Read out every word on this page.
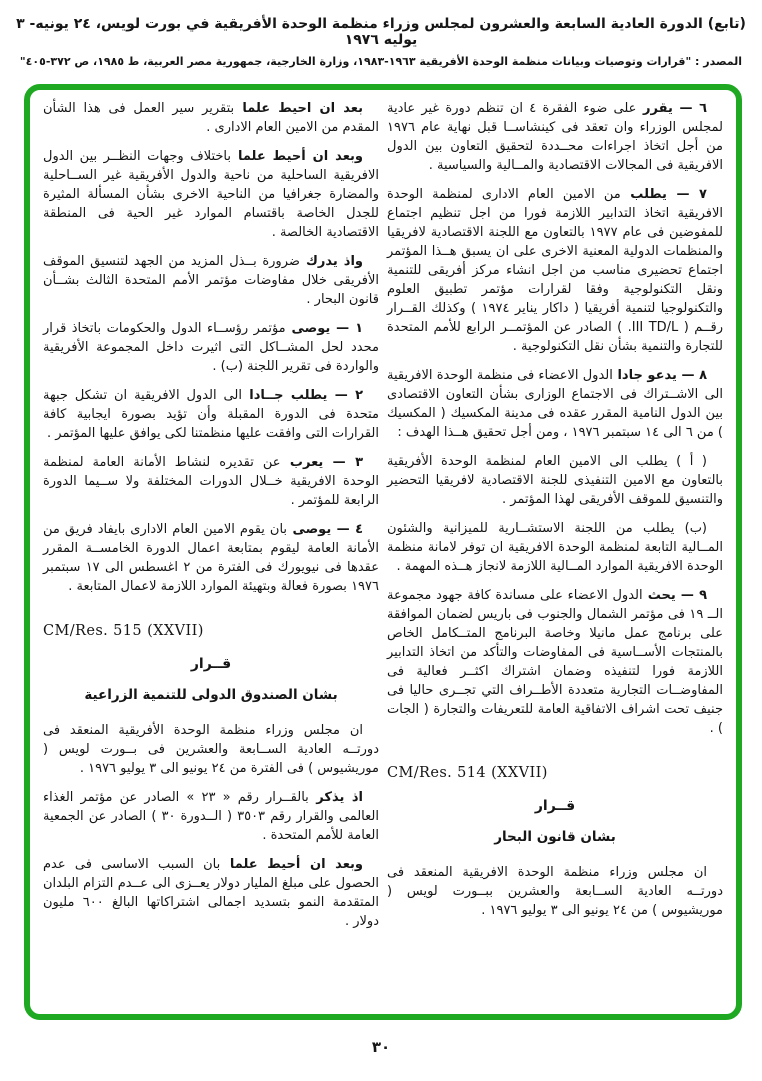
(تابع) الدورة العادية السابعة والعشرون لمجلس وزراء منظمة الوحدة الأفريقية في بورت لويس، ٢٤ يونيه- ٣ يوليه ١٩٧٦
المصدر : "قرارات وتوصيات وبيانات منظمة الوحدة الأفريقية ١٩٦٣-١٩٨٣، وزارة الخارجية، جمهورية مصر العربية، ط ١٩٨٥، ص ٣٧٢-٤٠٥"
٦ — يقرر على ضوء الفقرة ٤ ان تنظم دورة غير عادية لمجلس الوزراء وان تعقد فى كينشاســا قبل نهاية عام ١٩٧٦ من أجل اتخاذ اجراءات محــددة لتحقيق التعاون بين الدول الافريقية فى المجالات الاقتصادية والمــالية والسياسية .
٧ — يطلب من الامين العام الادارى لمنظمة الوحدة الافريقية اتخاذ التدابير اللازمة فورا من اجل تنظيم اجتماع للمفوضين فى عام ١٩٧٧ بالتعاون مع اللجنة الاقتصادية لافريقيا والمنظمات الدولية المعنية الاخرى على ان يسبق هــذا المؤتمر اجتماع تحضيرى مناسب من اجل انشاء مركز أفريقى للتنمية ونقل التكنولوجية وفقا لقرارات مؤتمر تطبيق العلوم والتكنولوجيا لتنمية أفريقيا ( داكار يناير ١٩٧٤ ) وكذلك القــرار رقــم ( III TD/L. ) الصادر عن المؤتمــر الرابع للأمم المتحدة للتجارة والتنمية بشأن نقل التكنولوجية .
٨ — يدعو جادا الدول الاعضاء فى منظمة الوحدة الافريقية الى الاشــتراك فى الاجتماع الوزارى بشأن التعاون الاقتصادى بين الدول النامية المقرر عقده فى مدينة المكسيك ( المكسيك ) من ٦ الى ١٤ سبتمبر ١٩٧٦ ، ومن أجل تحقيق هــذا الهدف :
( أ ) يطلب الى الامين العام لمنظمة الوحدة الأفريقية بالتعاون مع الامين التنفيذى للجنة الاقتصادية لافريقيا التحضير والتنسيق للموقف الأفريقى لهذا المؤتمر .
(ب) يطلب من اللجنة الاستشــارية للميزانية والشئون المــالية التابعة لمنظمة الوحدة الافريقية ان توفر لامانة منظمة الوحدة الافريقية الموارد المــالية اللازمة لانجاز هــذه المهمة .
٩ — يحث الدول الاعضاء على مساندة كافة جهود مجموعة الــ ١٩ فى مؤتمر الشمال والجنوب فى باريس لضمان الموافقة على برنامج عمل مانيلا وخاصة البرنامج المتــكامل الخاص بالمنتجات الأســاسية فى المفاوضات والتأكد من اتخاذ التدابير اللازمة فورا لتنفيذه وضمان اشتراك اكثــر فعالية فى المفاوضــات التجارية متعددة الأطــراف التي تجــرى حاليا فى جنيف تحت اشراف الاتفاقية العامة للتعريفات والتجارة ( الجات ) .
CM/Res. 514 (XXVII)
قــرار
بشان قانون البحار
ان مجلس وزراء منظمة الوحدة الافريقية المنعقد فى دورتــه العادية الســابعة والعشرين ببــورت لويس ( موريشيوس ) من ٢٤ يونيو الى ٣ يوليو ١٩٧٦ .
بعد ان احيط علما بتقرير سير العمل فى هذا الشأن المقدم من الامين العام الادارى .
وبعد ان أحيط علما باختلاف وجهات النظــر بين الدول الافريقية الساحلية من ناحية والدول الأفريقية غير الســاحلية والمضارة جغرافيا من الناحية الاخرى بشأن المسألة المثيرة للجدل الخاصة باقتسام الموارد غير الحية فى المنطقة الاقتصادية الخالصة .
واذ يدرك ضرورة بــذل المزيد من الجهد لتنسيق الموقف الأفريقى خلال مفاوضات مؤتمر الأمم المتحدة الثالث بشــأن قانون البحار .
١ — يوصى مؤتمر رؤســاء الدول والحكومات باتخاذ قرار محدد لحل المشــاكل التى اثيرت داخل المجموعة الأفريقية والواردة فى تقرير اللجنة (ب) .
٢ — يطلب جــادا الى الدول الافريقية ان تشكل جبهة متحدة فى الدورة المقبلة وأن تؤيد بصورة ايجابية كافة القرارات التى وافقت عليها منظمتنا لكى يوافق عليها المؤتمر .
٣ — يعرب عن تقديره لنشاط الأمانة العامة لمنظمة الوحدة الافريقية خــلال الدورات المختلفة ولا ســيما الدورة الرابعة للمؤتمر .
٤ — يوصى بان يقوم الامين العام الادارى بايفاد فريق من الأمانة العامة ليقوم بمتابعة اعمال الدورة الخامســة المقرر عقدها فى نيويورك فى الفترة من ٢ اغسطس الى ١٧ سبتمبر ١٩٧٦ بصورة فعالة وبتهيئة الموارد اللازمة لاعمال المتابعة .
CM/Res. 515 (XXVII)
قــرار
بشان الصندوق الدولى للتنمية الزراعية
ان مجلس وزراء منظمة الوحدة الأفريقية المنعقد فى دورتــه العادية الســابعة والعشرين فى بــورت لويس ( موريشيوس ) فى الفترة من ٢٤ يونيو الى ٣ يوليو ١٩٧٦ .
اذ يذكر بالقــرار رقم « ٢٣ » الصادر عن مؤتمر الغذاء العالمى والقرار رقم ٣٥٠٣ ( الــدورة ٣٠ ) الصادر عن الجمعية العامة للأمم المتحدة .
وبعد ان أحيط علما بان السبب الاساسى فى عدم الحصول على مبلغ المليار دولار يعــزى الى عــدم التزام البلدان المتقدمة النمو بتسديد اجمالى اشتراكاتها البالغ ٦٠٠ مليون دولار .
٣٠
